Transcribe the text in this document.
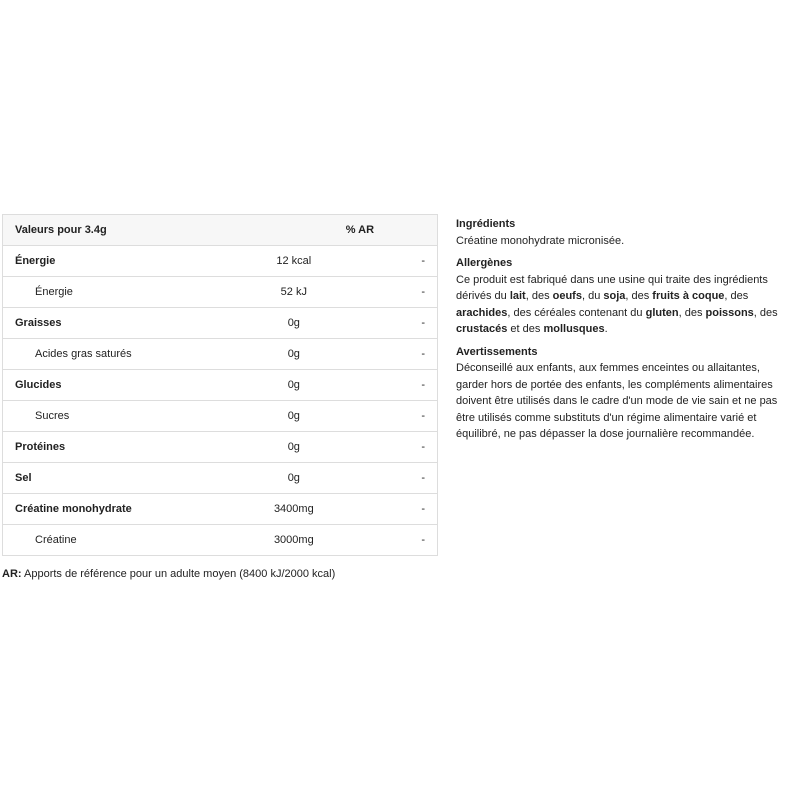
Valeurs pour 3.4g		% AR
Énergie	12 kcal	-
Énergie	52 kJ	-
Graisses	0g	-
Acides gras saturés	0g	-
Glucides	0g	-
Sucres	0g	-
Protéines	0g	-
Sel	0g	-
Créatine monohydrate	3400mg	-
Créatine	3000mg	-
AR: Apports de référence pour un adulte moyen (8400 kJ/2000 kcal)
Ingrédients
Créatine monohydrate micronisée.
Allergènes
Ce produit est fabriqué dans une usine qui traite des ingrédients dérivés du lait, des oeufs, du soja, des fruits à coque, des arachides, des céréales contenant du gluten, des poissons, des crustacés et des mollusques.
Avertissements
Déconseillé aux enfants, aux femmes enceintes ou allaitantes, garder hors de portée des enfants, les compléments alimentaires doivent être utilisés dans le cadre d'un mode de vie sain et ne pas être utilisés comme substituts d'un régime alimentaire varié et équilibré, ne pas dépasser la dose journalière recommandée.
